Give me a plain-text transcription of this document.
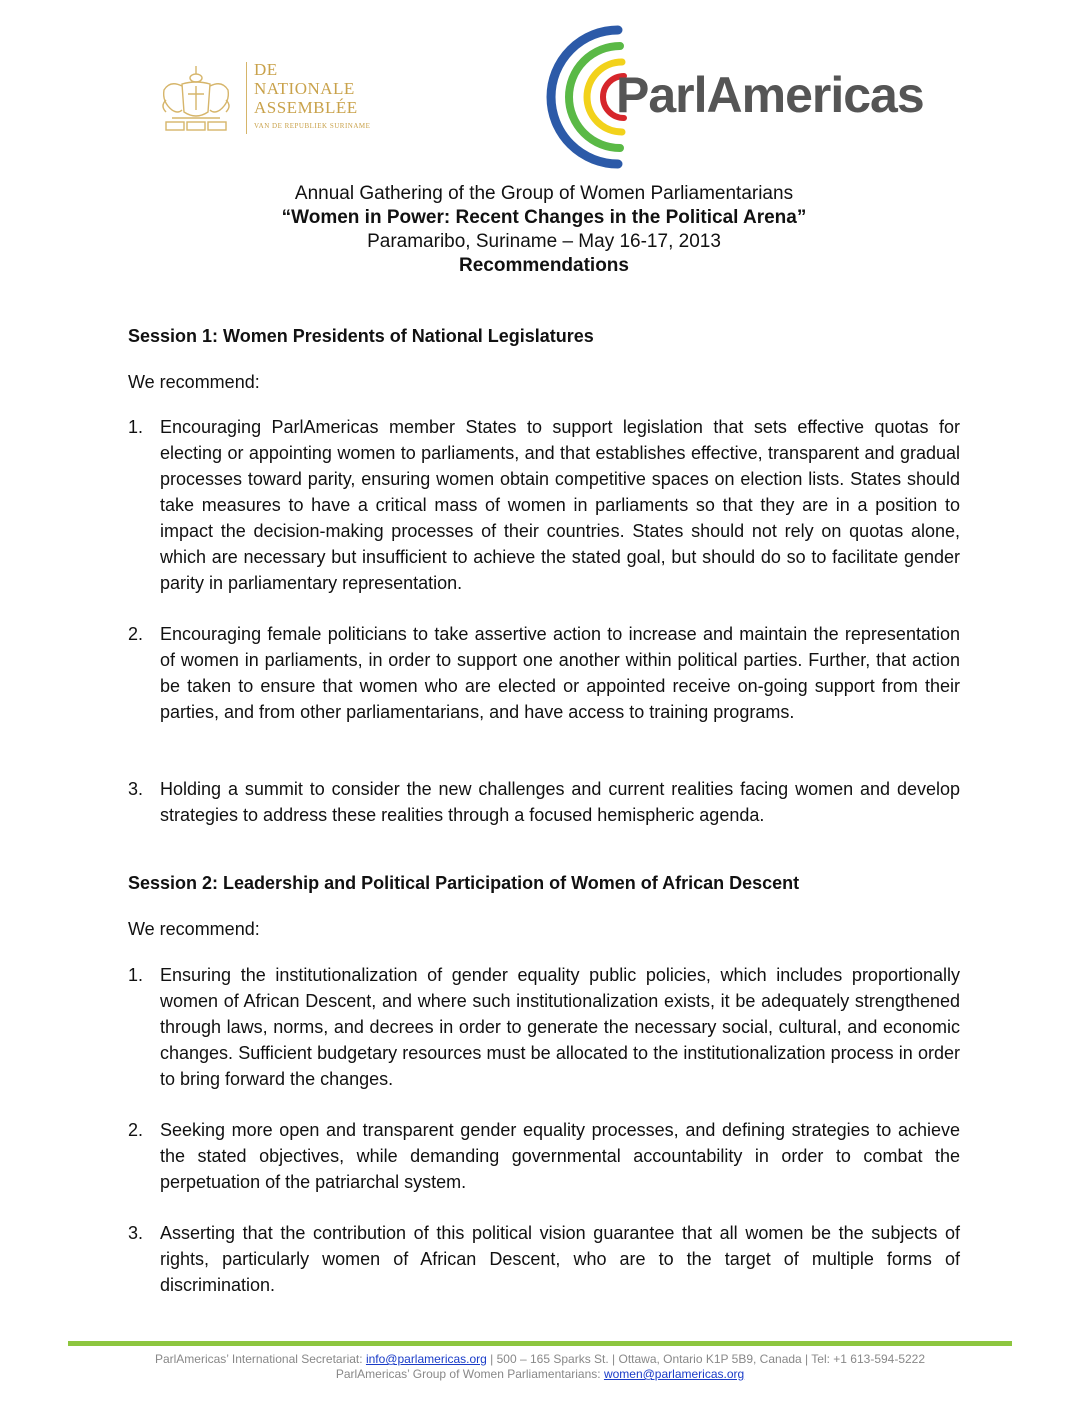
DE
NATIONALE
ASSEMBLÉE
VAN DE REPUBLIEK SURINAME
ParlAmericas
Annual Gathering of the Group of Women Parliamentarians
“Women in Power: Recent Changes in the Political Arena”
Paramaribo, Suriname – May 16-17, 2013
Recommendations
Session 1: Women Presidents of National Legislatures
We recommend:
1. Encouraging ParlAmericas member States to support legislation that sets effective quotas for electing or appointing women to parliaments, and that establishes effective, transparent and gradual processes toward parity, ensuring women obtain competitive spaces on election lists. States should take measures to have a critical mass of women in parliaments so that they are in a position to impact the decision-making processes of their countries. States should not rely on quotas alone, which are necessary but insufficient to achieve the stated goal, but should do so to facilitate gender parity in parliamentary representation.
2. Encouraging female politicians to take assertive action to increase and maintain the representation of women in parliaments, in order to support one another within political parties. Further, that action be taken to ensure that women who are elected or appointed receive on-going support from their parties, and from other parliamentarians, and have access to training programs.
3. Holding a summit to consider the new challenges and current realities facing women and develop strategies to address these realities through a focused hemispheric agenda.
Session 2: Leadership and Political Participation of Women of African Descent
We recommend:
1. Ensuring the institutionalization of gender equality public policies, which includes proportionally women of African Descent, and where such institutionalization exists, it be adequately strengthened through laws, norms, and decrees in order to generate the necessary social, cultural, and economic changes. Sufficient budgetary resources must be allocated to the institutionalization process in order to bring forward the changes.
2. Seeking more open and transparent gender equality processes, and defining strategies to achieve the stated objectives, while demanding governmental accountability in order to combat the perpetuation of the patriarchal system.
3. Asserting that the contribution of this political vision guarantee that all women be the subjects of rights, particularly women of African Descent, who are to the target of multiple forms of discrimination.
ParlAmericas’ International Secretariat: info@parlamericas.org | 500 – 165 Sparks St. | Ottawa, Ontario K1P 5B9, Canada | Tel: +1 613-594-5222
ParlAmericas’ Group of Women Parliamentarians: women@parlamericas.org
